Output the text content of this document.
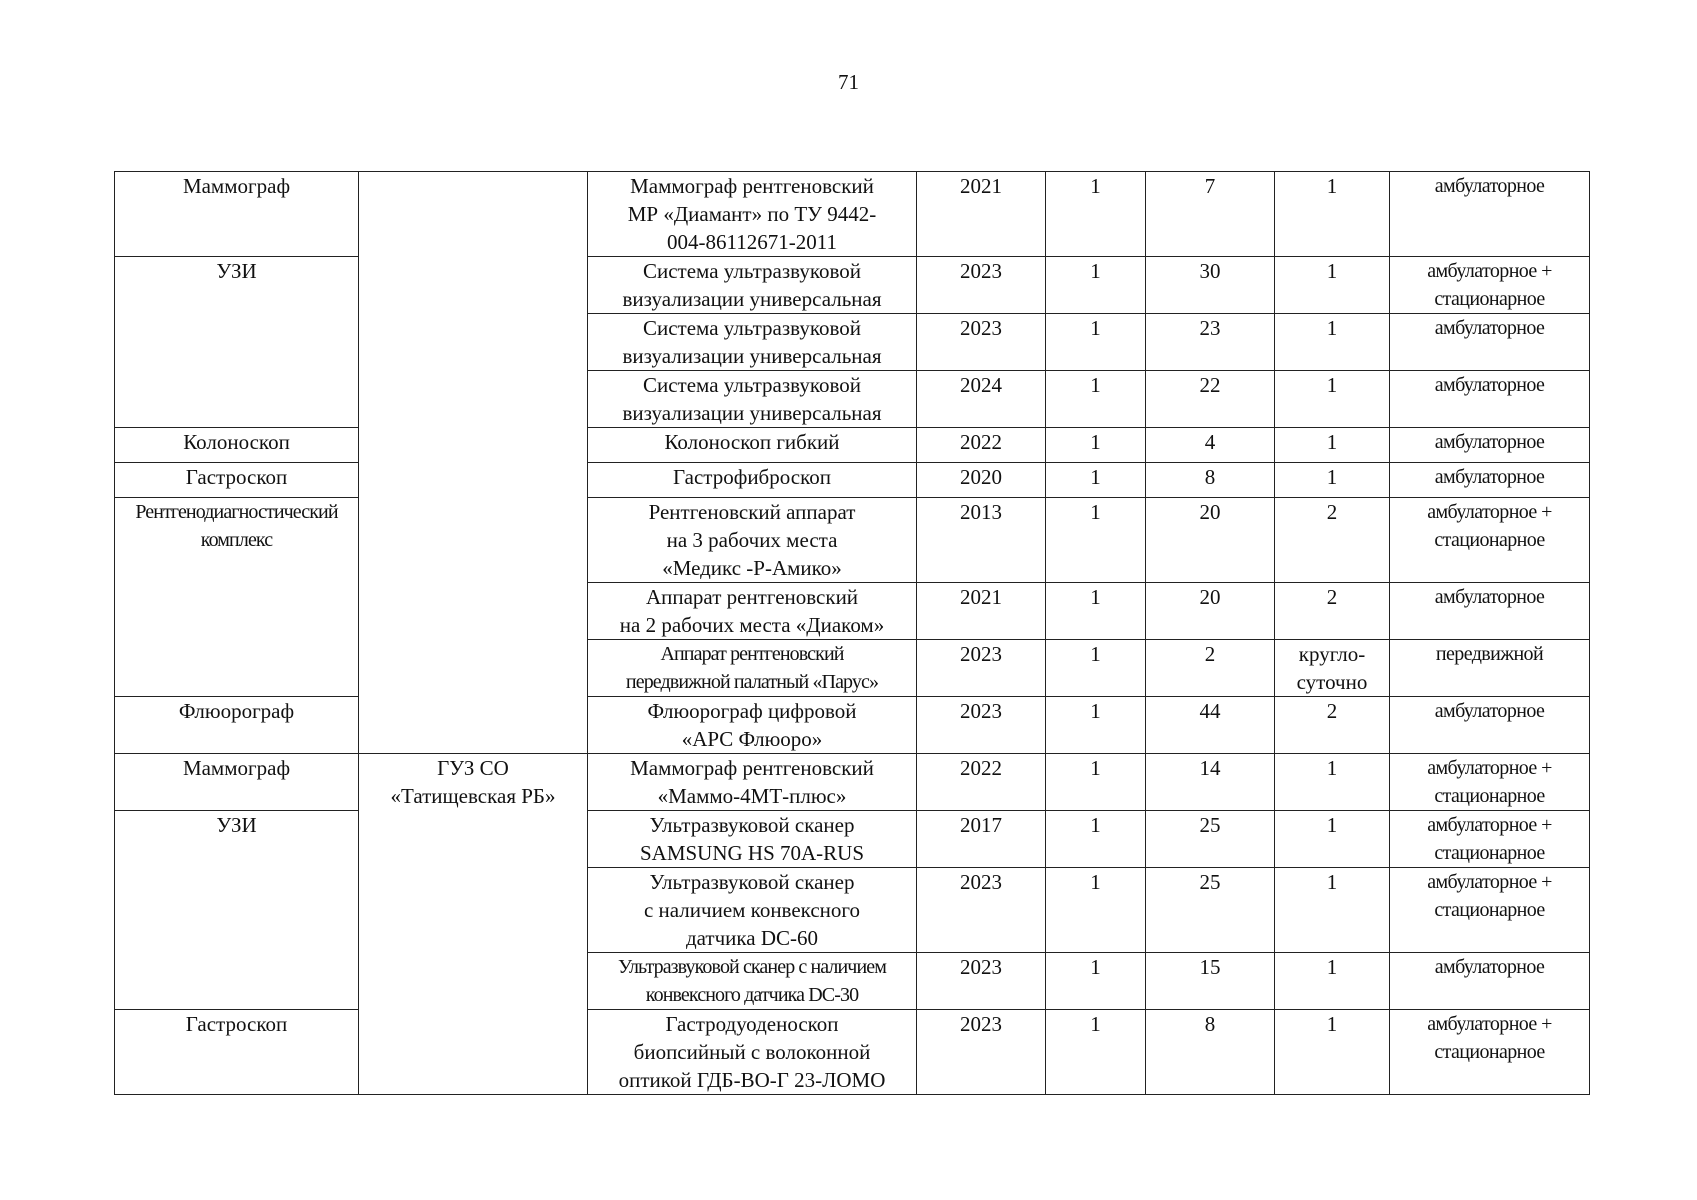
71
Маммограф		Маммограф рентгеновский
МР «Диамант» по ТУ 9442-
004-86112671-2011	2021	1	7	1	амбулаторное

УЗИ		Система ультразвуковой
визуализации универсальная	2023	1	30	1	амбулаторное +
стационарное

		Система ультразвуковой
визуализации универсальная	2023	1	23	1	амбулаторное

		Система ультразвуковой
визуализации универсальная	2024	1	22	1	амбулаторное

Колоноскоп		Колоноскоп гибкий	2022	1	4	1	амбулаторное

Гастроскоп		Гастрофиброскоп	2020	1	8	1	амбулаторное

Рентгенодиагностический комплекс		Рентгеновский аппарат
на 3 рабочих места
«Медикс -Р-Амико»	2013	1	20	2	амбулаторное +
стационарное

		Аппарат рентгеновский
на 2 рабочих места «Диаком»	2021	1	20	2	амбулаторное

		Аппарат рентгеновский
передвижной палатный «Парус»	2023	1	2	кругло-
суточно	передвижной

Флюорограф		Флюорограф цифровой
«АРС Флюоро»	2023	1	44	2	амбулаторное

Маммограф	ГУЗ СО
«Татищевская РБ»	Маммограф рентгеновский
«Маммо-4МТ-плюс»	2022	1	14	1	амбулаторное +
стационарное

УЗИ		Ультразвуковой сканер
SAMSUNG HS 70A-RUS	2017	1	25	1	амбулаторное +
стационарное

		Ультразвуковой сканер
с наличием конвексного
датчика DC-60	2023	1	25	1	амбулаторное +
стационарное

		Ультразвуковой сканер с наличием
конвексного датчика DC-30	2023	1	15	1	амбулаторное

Гастроскоп		Гастродуоденоскоп
биопсийный с волоконной
оптикой ГДБ-ВО-Г 23-ЛОМО	2023	1	8	1	амбулаторное +
стационарное
